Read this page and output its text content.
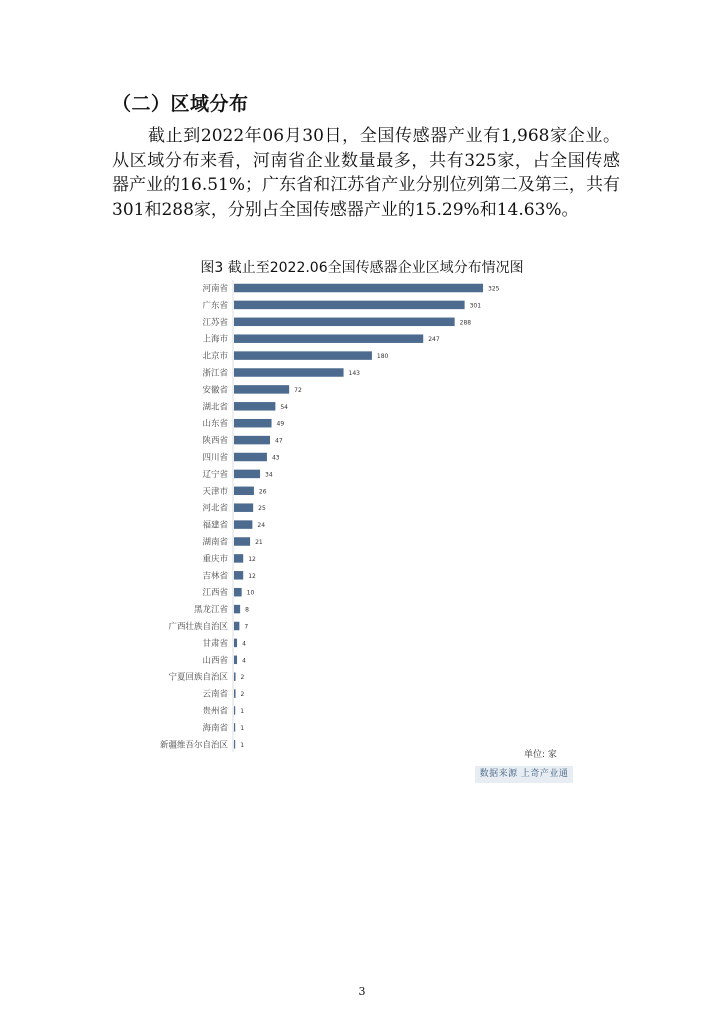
（二）区域分布
截止到2022年06月30日，全国传感器产业有1,968家企业。从区域分布来看，河南省企业数量最多，共有325家，占全国传感器产业的16.51%；广东省和江苏省产业分别位列第二及第三，共有301和288家，分别占全国传感器产业的15.29%和14.63%。
图3 截止至2022.06全国传感器企业区域分布情况图
河南省	325
广东省	301
江苏省	288
上海市	247
北京市	180
浙江省	143
安徽省	72
湖北省	54
山东省	49
陕西省	47
四川省	43
辽宁省	34
天津市	26
河北省	25
福建省	24
湖南省	21
重庆市	12
吉林省	12
江西省	10
黑龙江省	8
广西壮族自治区	7
甘肃省 4
山西省 4
宁夏回族自治区 2
云南省 2
贵州省 1
海南省 1
新疆维吾尔自治区 1
单位: 家
数据来源 上奇产业通
3
